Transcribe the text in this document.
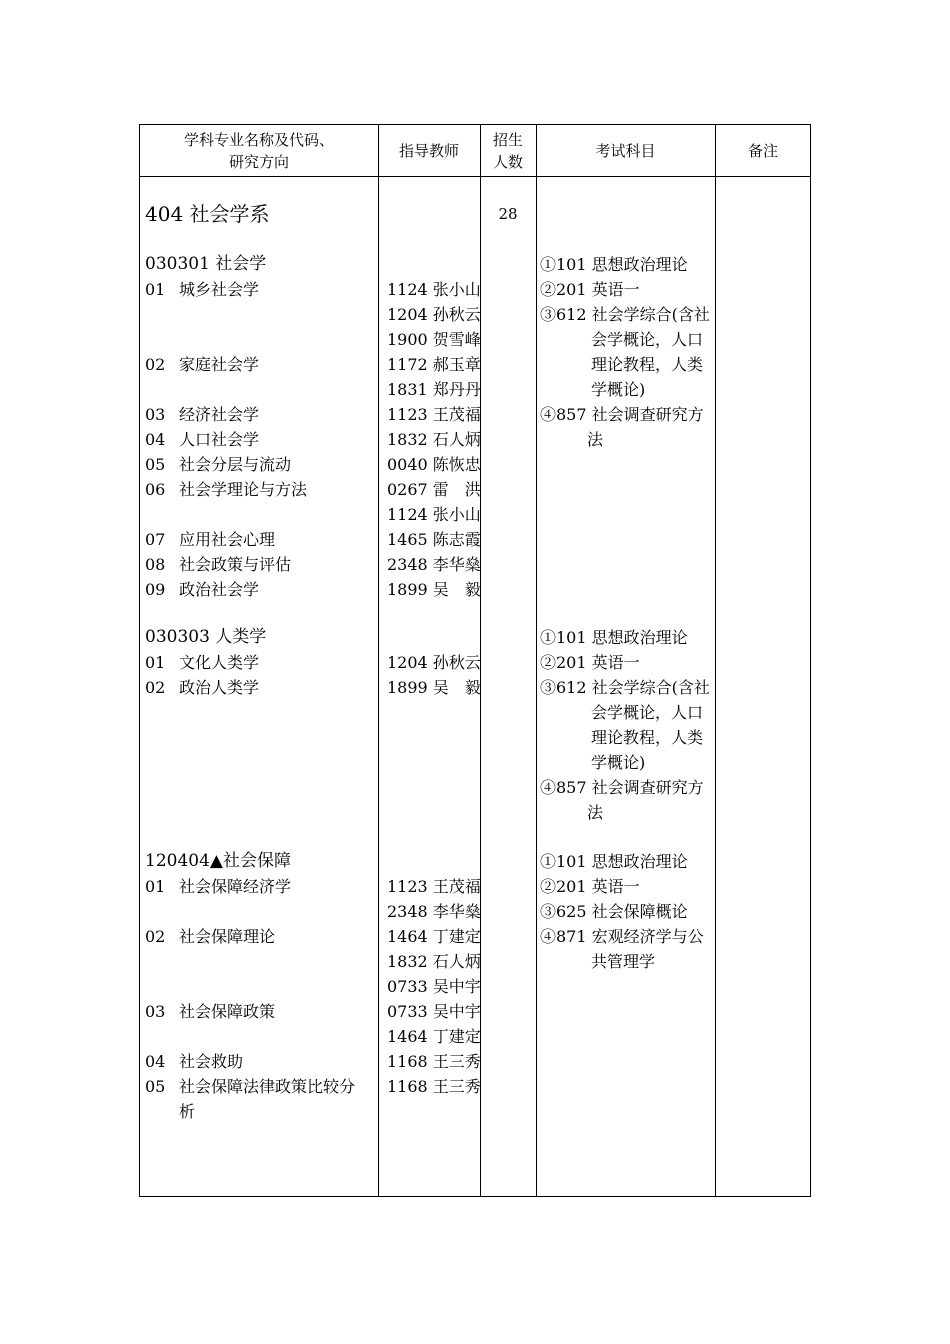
学科专业名称及代码、
研究方向
指导教师
招生
人数
考试科目	备注
404 社会学系	28
030301 社会学
01 城乡社会学
02 家庭社会学
03 经济社会学
04 人口社会学
05 社会分层与流动
06 社会学理论与方法
07 应用社会心理
08 社会政策与评估
09 政治社会学
1124 张小山
1204 孙秋云
1900 贺雪峰
1172 郝玉章
1831 郑丹丹
1123 王茂福
1832 石人炳
0040 陈恢忠
0267 雷　洪
1124 张小山
1465 陈志霞
2348 李华燊
1899 吴　毅
①101 思想政治理论
②201 英语一
③612 社会学综合(含社
会学概论，人口
理论教程，人类
学概论)
④857 社会调查研究方
法
030303 人类学
01 文化人类学
02 政治人类学
1204 孙秋云
1899 吴　毅
①101 思想政治理论
②201 英语一
③612 社会学综合(含社
会学概论，人口
理论教程，人类
学概论)
④857 社会调查研究方
法
120404▲社会保障
01 社会保障经济学
02 社会保障理论
03 社会保障政策
04 社会救助
05 社会保障法律政策比较分
析
1123 王茂福
2348 李华燊
1464 丁建定
1832 石人炳
0733 吴中宇
0733 吴中宇
1464 丁建定
1168 王三秀
1168 王三秀
①101 思想政治理论
②201 英语一
③625 社会保障概论
④871 宏观经济学与公
共管理学
